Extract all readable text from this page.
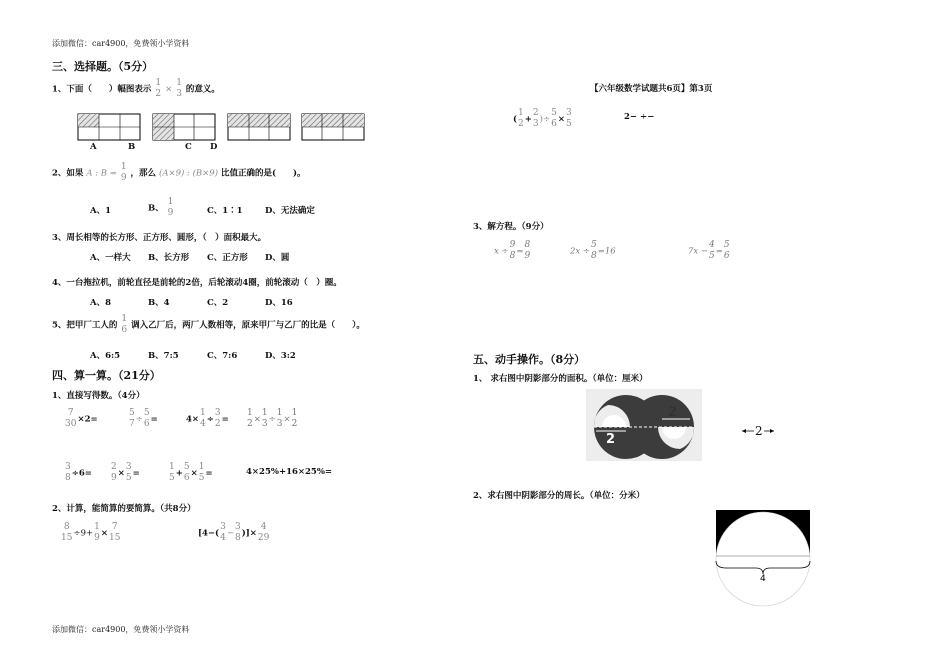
添加微信：car4900，免费领小学资料
添加微信：car4900，免费领小学资料
【六年级数学试题共6页】第3页
三、选择题。（5分）
1、下面（　　）幅图表示
1
2 ×
1
3 的意义。
A	B	C D
2、如果 A : B =
1
9 ，那么 (A×9) : (B×9) 比值正确的是(　　)。
A、1	B、
1
9	C、1∶1	D、无法确定
3、周长相等的长方形、正方形、圆形，（　）面积最大。
A、一样大 B、长方形 C、正方形 D、圆
4、一台拖拉机，前轮直径是前轮的2倍，后轮滚动4圈，前轮滚动（　）圈。
A、8	B、4	C、2	D、16
5、把甲厂工人的
1
6 调入乙厂后，两厂人数相等，原来甲厂与乙厂的比是（　　）。
A、6:5	B、7:5	C、7:6	D、3:2
四、算一算。（21分）
1、直接写得数。（4分）
7
30 ×2=
5
7 ÷
5
6 =	4×
1
4 ÷
3
2 =
1
2 ×
1
3 ÷
1
3 ×
1
2
3
8 ÷6=
2
9 ×
3
5 =
1
5 +
5
6 ×
1
5 =	4×25%+16×25%=
2、计算，能简算的要简算。（共8分）
8
15 ÷9+
1
9 ×
7
15	[4−(
3
4 −
3
8 )]×
4
29
(
1
2 +
2
3 )÷
5
6 ×
3
5
2− ÷−
3、解方程。（9分）
x ÷
9
8 =
8
9	2x ÷
5
8 =16	7x −
4
5 =
5
6
五、动手操作。（8分）
1、 求右图中阴影部分的面积。（单位：厘米）
2
2
2
2、求右图中阴影部分的周长。（单位：分米）
4
